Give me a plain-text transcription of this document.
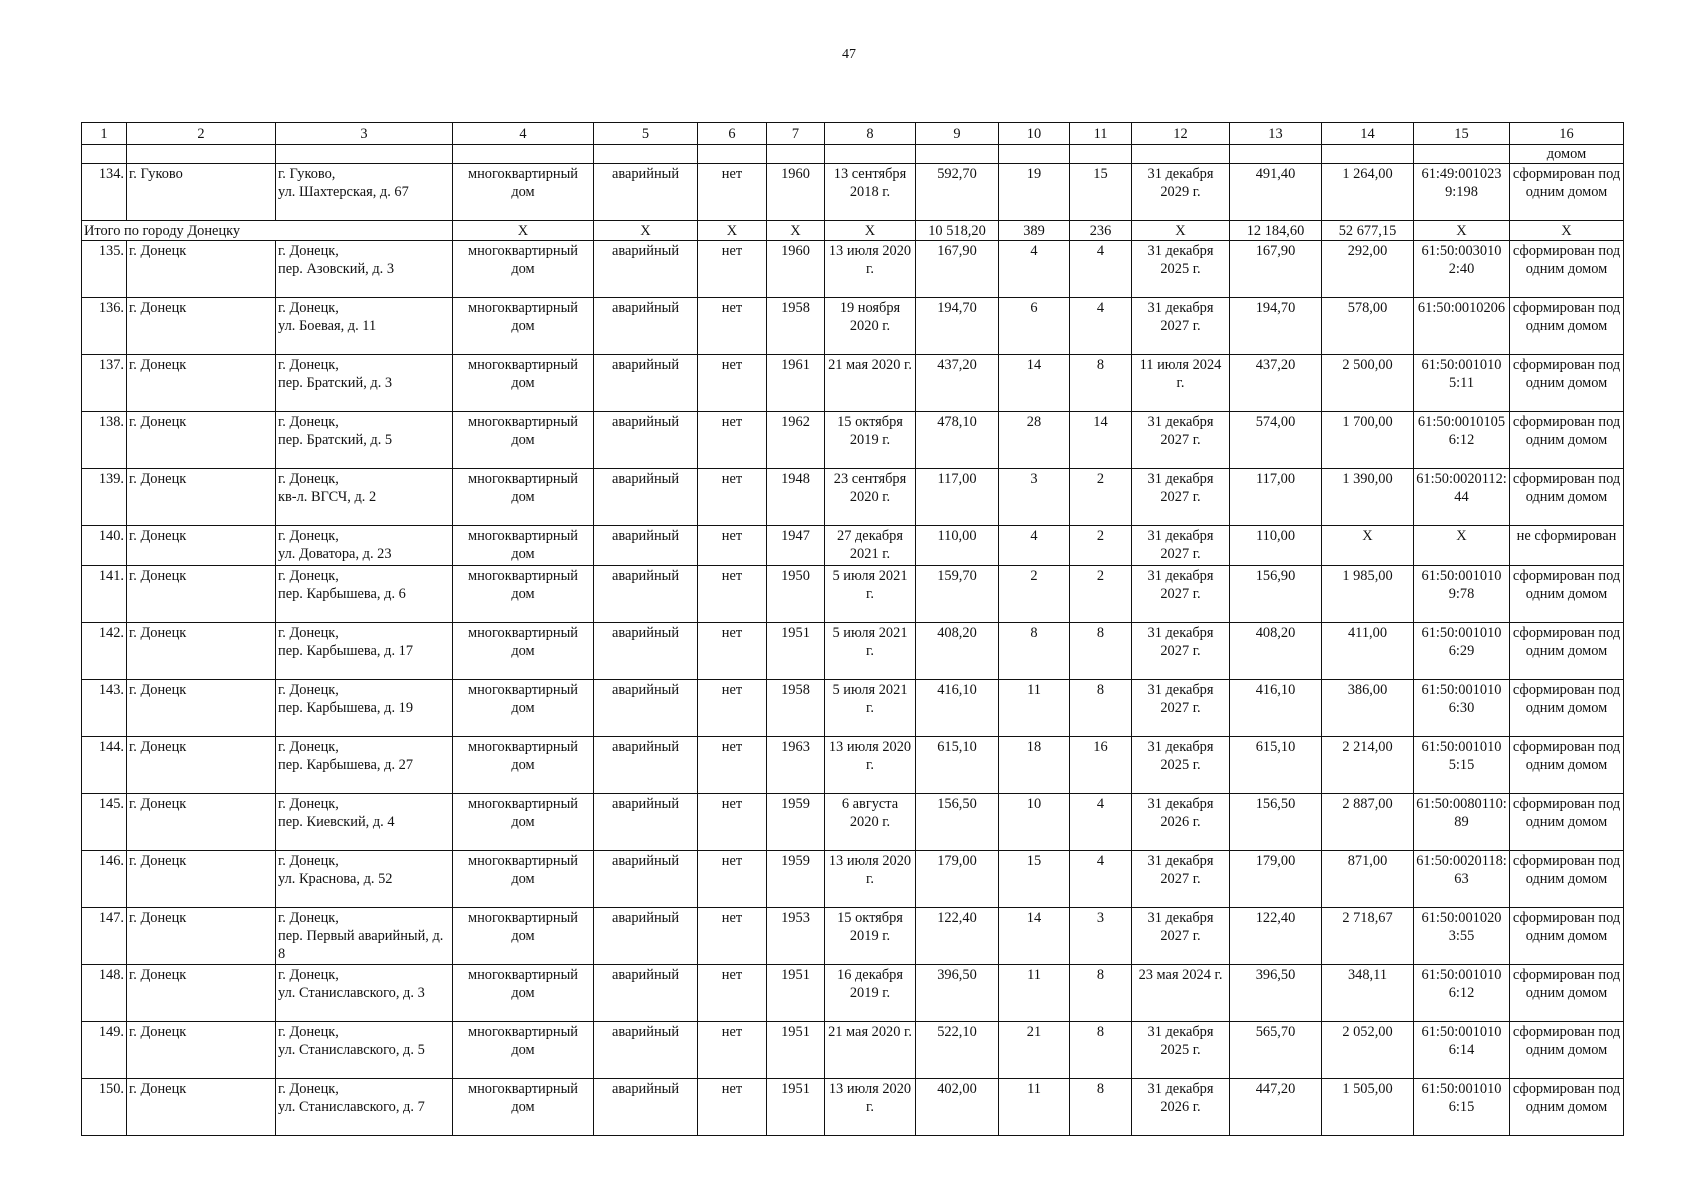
47
1	2	3	4	5	6	7	8	9	10	11	12	13	14	15	16
															домом
134.	г. Гуково	г. Гуково,
ул. Шахтерская, д. 67	многоквартирный дом	аварийный	нет	1960	13 сентября 2018 г.	592,70	19	15	31 декабря 2029 г.	491,40	1 264,00	61:49:0010239:198	сформирован под одним домом
Итого по городу Донецку			X	X	X	X	X	10 518,20	389	236	X	12 184,60	52 677,15	X	X
135.	г. Донецк	г. Донецк,
пер. Азовский, д. 3	многоквартирный дом	аварийный	нет	1960	13 июля 2020 г.	167,90	4	4	31 декабря 2025 г.	167,90	292,00	61:50:0030102:40	сформирован под одним домом
136.	г. Донецк	г. Донецк,
ул. Боевая, д. 11	многоквартирный дом	аварийный	нет	1958	19 ноября 2020 г.	194,70	6	4	31 декабря 2027 г.	194,70	578,00	61:50:0010206	сформирован под одним домом
137.	г. Донецк	г. Донецк,
пер. Братский, д. 3	многоквартирный дом	аварийный	нет	1961	21 мая 2020 г.	437,20	14	8	11 июля 2024 г.	437,20	2 500,00	61:50:0010105:11	сформирован под одним домом
138.	г. Донецк	г. Донецк,
пер. Братский, д. 5	многоквартирный дом	аварийный	нет	1962	15 октября 2019 г.	478,10	28	14	31 декабря 2027 г.	574,00	1 700,00	61:50:00101056:12	сформирован под одним домом
139.	г. Донецк	г. Донецк,
кв-л. ВГСЧ, д. 2	многоквартирный дом	аварийный	нет	1948	23 сентября 2020 г.	117,00	3	2	31 декабря 2027 г.	117,00	1 390,00	61:50:0020112:44	сформирован под одним домом
140.	г. Донецк	г. Донецк,
ул. Доватора, д. 23	многоквартирный дом	аварийный	нет	1947	27 декабря 2021 г.	110,00	4	2	31 декабря 2027 г.	110,00	X	X	не сформирован
141.	г. Донецк	г. Донецк,
пер. Карбышева, д. 6	многоквартирный дом	аварийный	нет	1950	5 июля 2021 г.	159,70	2	2	31 декабря 2027 г.	156,90	1 985,00	61:50:0010109:78	сформирован под одним домом
142.	г. Донецк	г. Донецк,
пер. Карбышева, д. 17	многоквартирный дом	аварийный	нет	1951	5 июля 2021 г.	408,20	8	8	31 декабря 2027 г.	408,20	411,00	61:50:0010106:29	сформирован под одним домом
143.	г. Донецк	г. Донецк,
пер. Карбышева, д. 19	многоквартирный дом	аварийный	нет	1958	5 июля 2021 г.	416,10	11	8	31 декабря 2027 г.	416,10	386,00	61:50:0010106:30	сформирован под одним домом
144.	г. Донецк	г. Донецк,
пер. Карбышева, д. 27	многоквартирный дом	аварийный	нет	1963	13 июля 2020 г.	615,10	18	16	31 декабря 2025 г.	615,10	2 214,00	61:50:0010105:15	сформирован под одним домом
145.	г. Донецк	г. Донецк,
пер. Киевский, д. 4	многоквартирный дом	аварийный	нет	1959	6 августа 2020 г.	156,50	10	4	31 декабря 2026 г.	156,50	2 887,00	61:50:0080110:89	сформирован под одним домом
146.	г. Донецк	г. Донецк,
ул. Краснова, д. 52	многоквартирный дом	аварийный	нет	1959	13 июля 2020 г.	179,00	15	4	31 декабря 2027 г.	179,00	871,00	61:50:0020118:63	сформирован под одним домом
147.	г. Донецк	г. Донецк,
пер. Первый аварийный, д. 8	многоквартирный дом	аварийный	нет	1953	15 октября 2019 г.	122,40	14	3	31 декабря 2027 г.	122,40	2 718,67	61:50:0010203:55	сформирован под одним домом
148.	г. Донецк	г. Донецк,
ул. Станиславского, д. 3	многоквартирный дом	аварийный	нет	1951	16 декабря 2019 г.	396,50	11	8	23 мая 2024 г.	396,50	348,11	61:50:0010106:12	сформирован под одним домом
149.	г. Донецк	г. Донецк,
ул. Станиславского, д. 5	многоквартирный дом	аварийный	нет	1951	21 мая 2020 г.	522,10	21	8	31 декабря 2025 г.	565,70	2 052,00	61:50:0010106:14	сформирован под одним домом
150.	г. Донецк	г. Донецк,
ул. Станиславского, д. 7	многоквартирный дом	аварийный	нет	1951	13 июля 2020 г.	402,00	11	8	31 декабря 2026 г.	447,20	1 505,00	61:50:0010106:15	сформирован под одним домом
